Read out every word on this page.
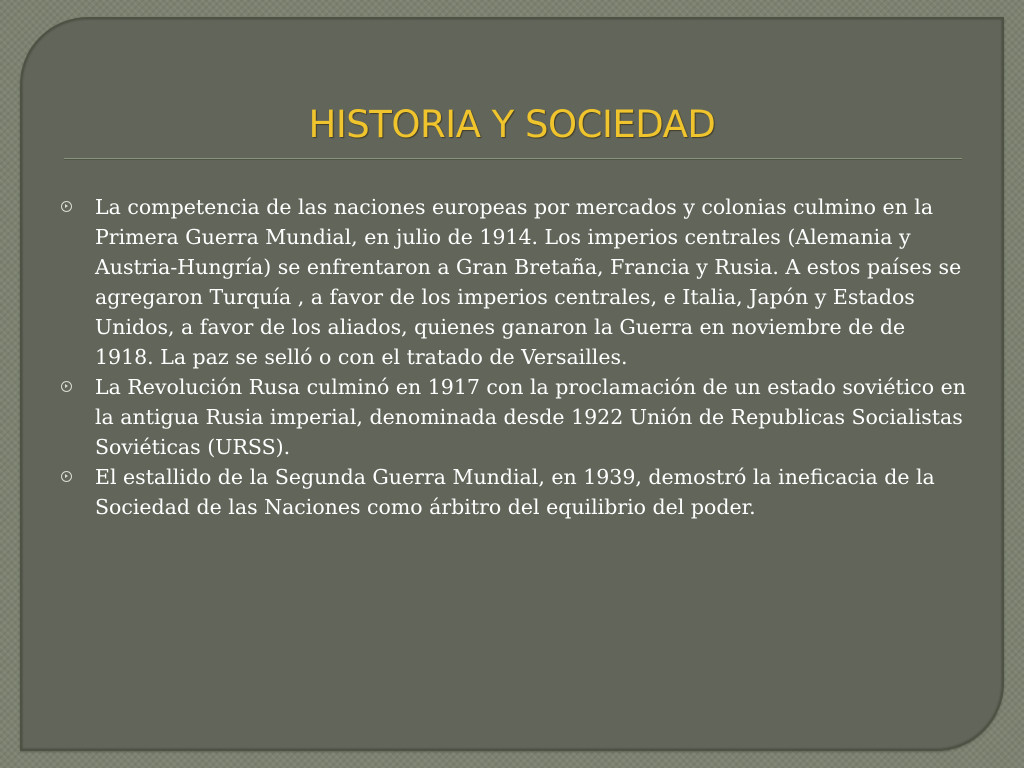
HISTORIA Y SOCIEDAD
La competencia de las naciones europeas por mercados y colonias culmino en la Primera Guerra Mundial, en julio de 1914. Los imperios centrales (Alemania y Austria-Hungría) se enfrentaron a Gran Bretaña, Francia y Rusia. A estos países se agregaron Turquía , a favor de los imperios centrales, e Italia, Japón y Estados Unidos, a favor de los aliados, quienes ganaron la Guerra en noviembre de de 1918. La paz se selló o con el tratado de Versailles.
La Revolución Rusa culminó en 1917 con la proclamación de un estado soviético en la antigua Rusia imperial, denominada desde 1922 Unión de Republicas Socialistas Soviéticas (URSS).
El estallido de la Segunda Guerra Mundial, en 1939, demostró la ineficacia de la Sociedad de las Naciones como árbitro del equilibrio del poder.
